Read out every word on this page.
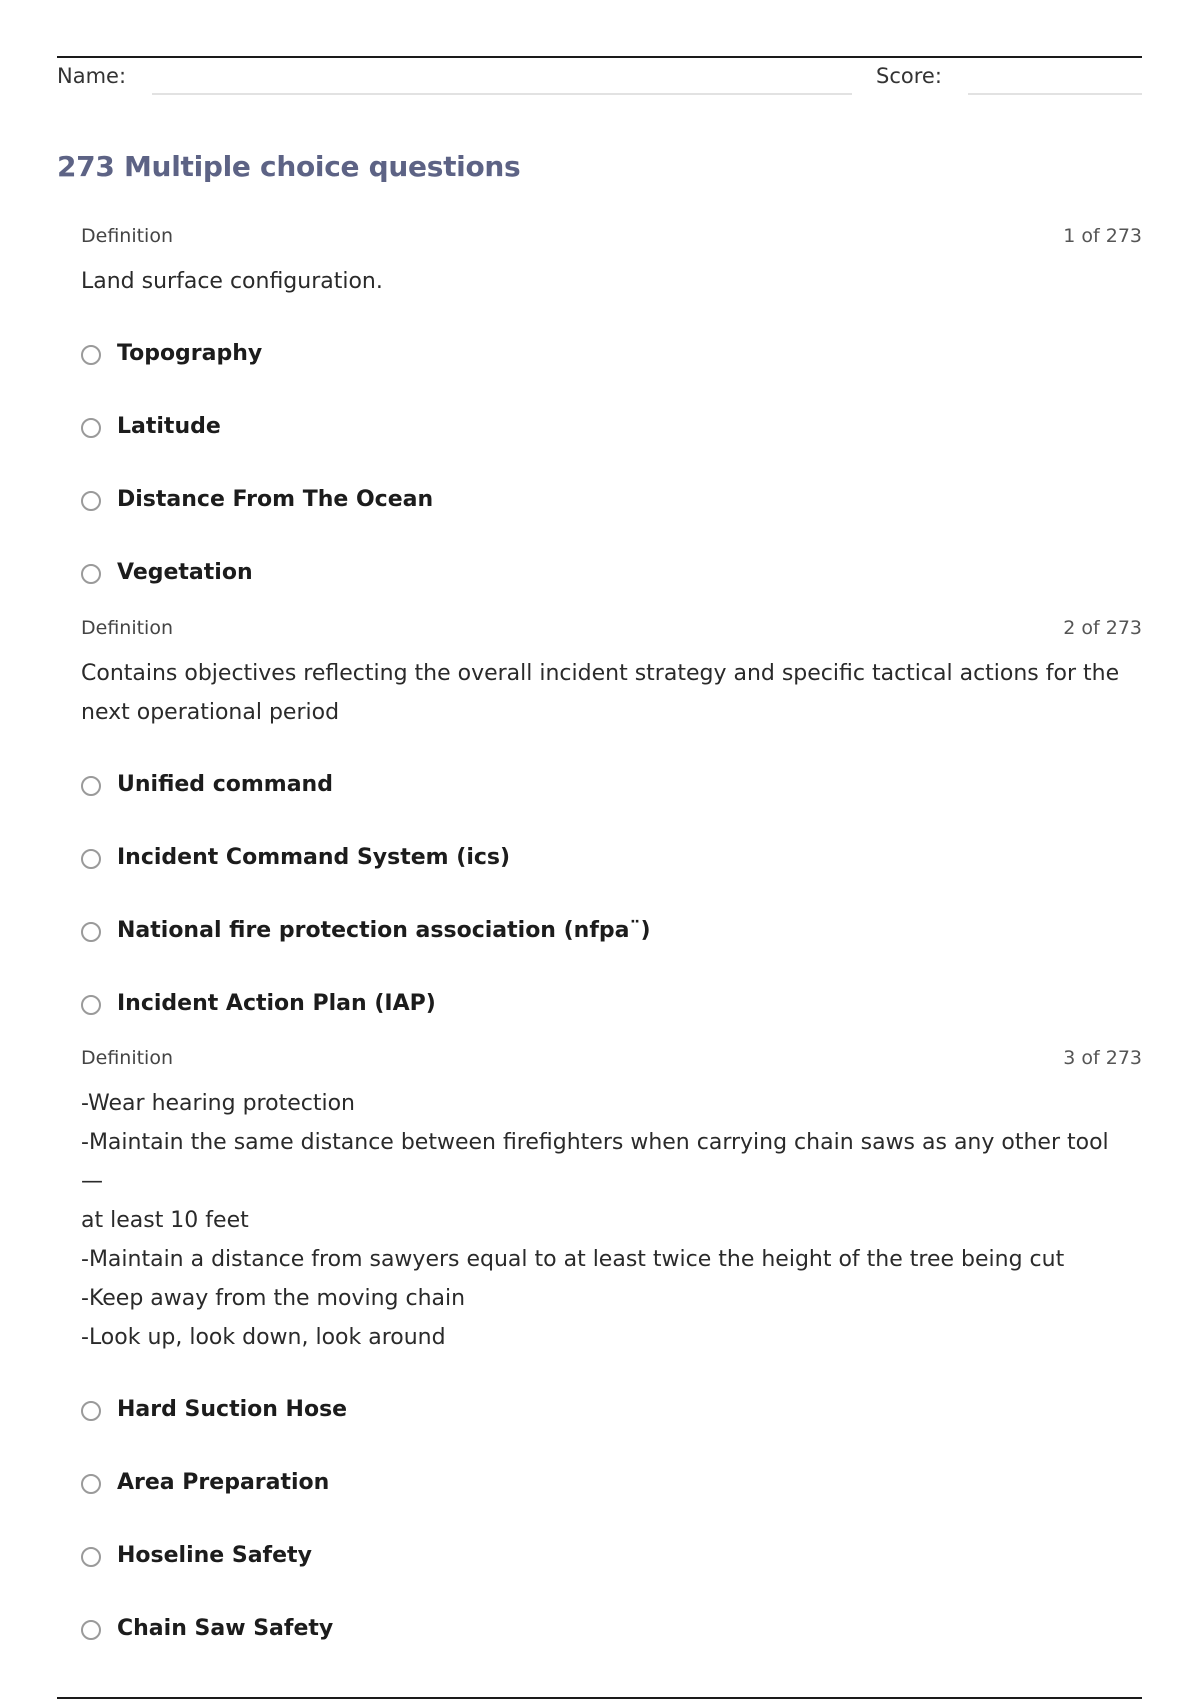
Name:	Score:
273 Multiple choice questions
Definition	1 of 273
Land surface configuration.
Topography
Latitude
Distance From The Ocean
Vegetation
Definition	2 of 273
Contains objectives reflecting the overall incident strategy and specific tactical actions for the
next operational period
Unified command
Incident Command System (ics)
National fire protection association (nfpa¨)
Incident Action Plan (IAP)
Definition	3 of 273
-Wear hearing protection
-Maintain the same distance between firefighters when carrying chain saws as any other tool—
at least 10 feet
-Maintain a distance from sawyers equal to at least twice the height of the tree being cut
-Keep away from the moving chain
-Look up, look down, look around
Hard Suction Hose
Area Preparation
Hoseline Safety
Chain Saw Safety
